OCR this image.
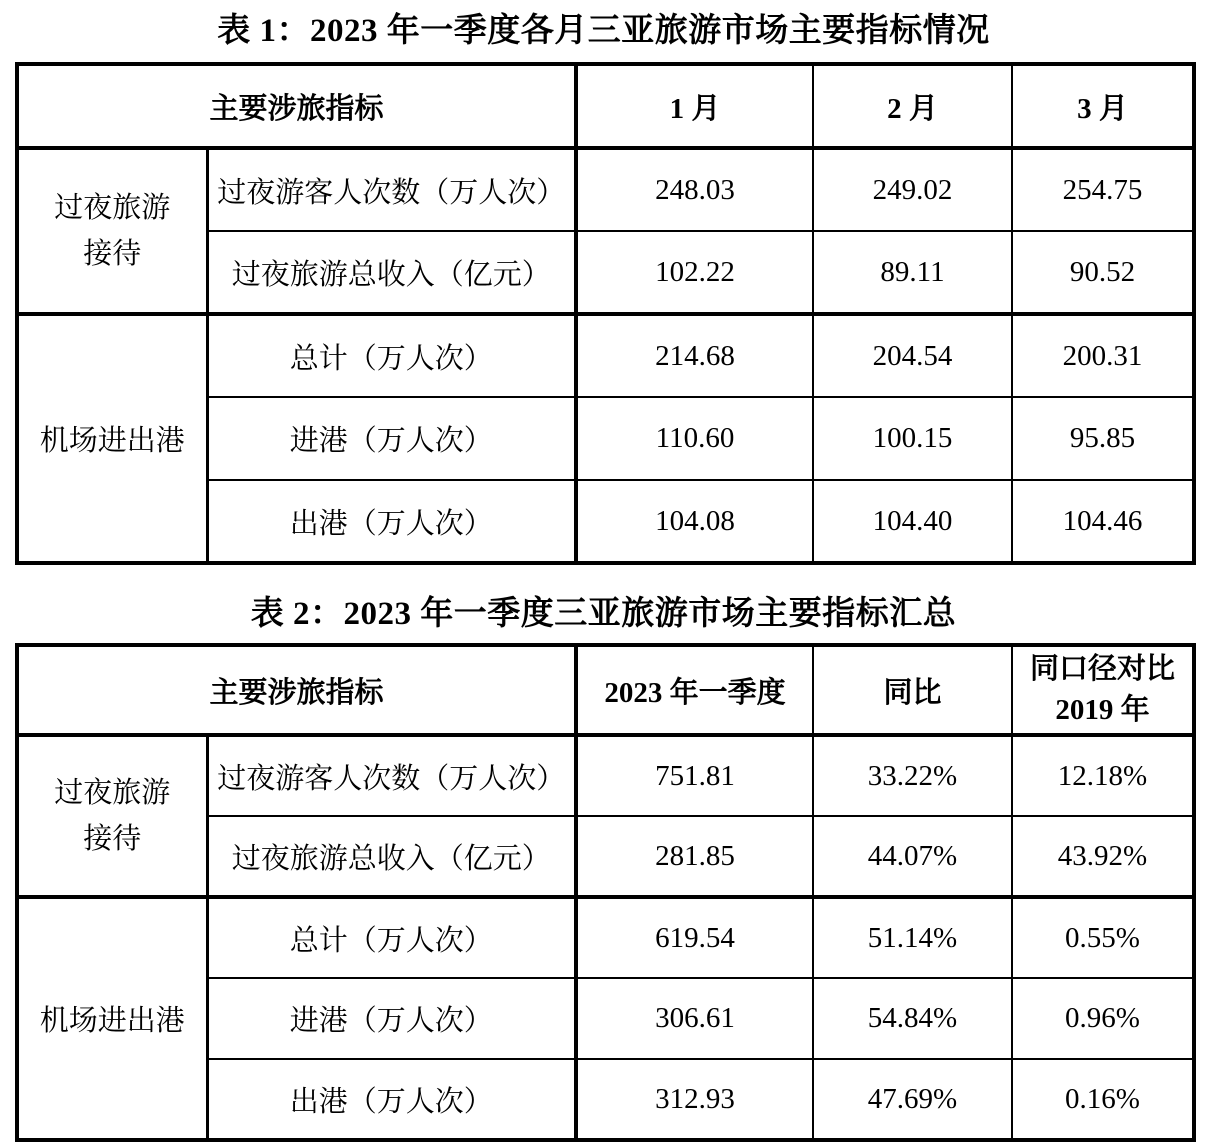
表 1：2023 年一季度各月三亚旅游市场主要指标情况
主要涉旅指标		1 月	2 月	3 月

过夜旅游
接待	过夜游客人次数（万人次）	248.03	249.02	254.75
	过夜旅游总收入（亿元）	102.22	89.11	90.52
机场进出港	总计（万人次）	214.68	204.54	200.31
	进港（万人次）	110.60	100.15	95.85
	出港（万人次）	104.08	104.40	104.46
表 2：2023 年一季度三亚旅游市场主要指标汇总
主要涉旅指标		2023 年一季度	同比	同口径对比
2019 年

过夜旅游
接待	过夜游客人次数（万人次）	751.81	33.22%	12.18%
	过夜旅游总收入（亿元）	281.85	44.07%	43.92%
机场进出港	总计（万人次）	619.54	51.14%	0.55%
	进港（万人次）	306.61	54.84%	0.96%
	出港（万人次）	312.93	47.69%	0.16%
